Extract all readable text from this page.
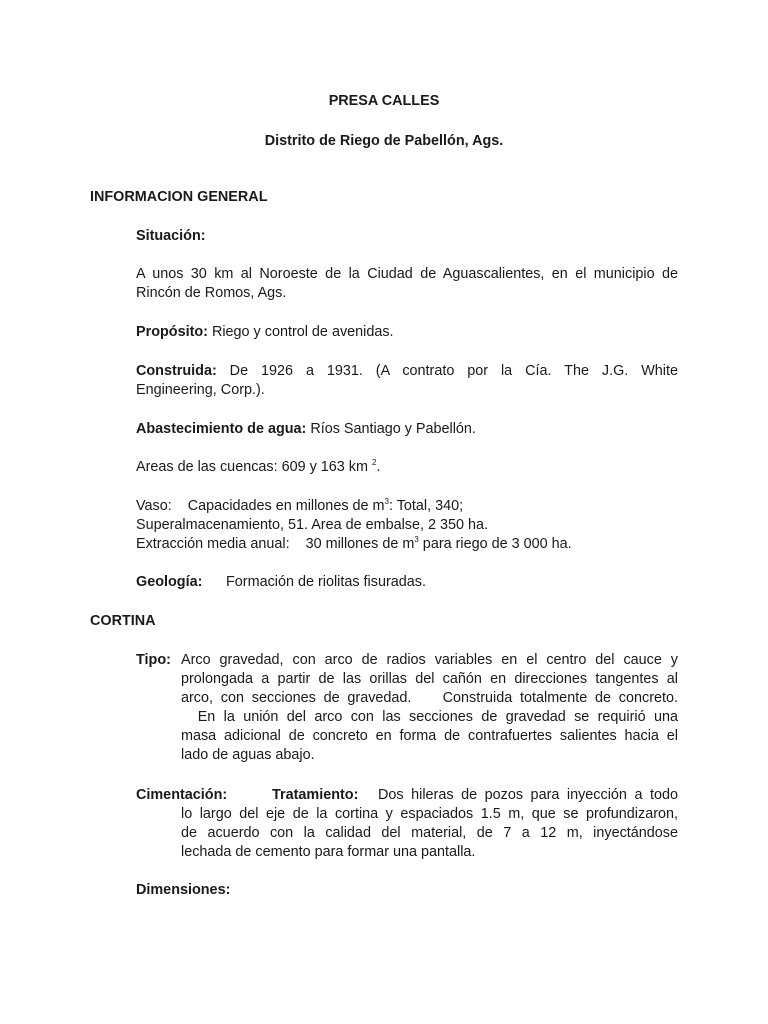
PRESA CALLES
Distrito de Riego de Pabellón, Ags.
INFORMACION GENERAL
Situación:
A unos 30 km al Noroeste de la Ciudad de Aguascalientes, en el municipio de
Rincón de Romos, Ags.
Propósito: Riego y control de avenidas.
Construida: De 1926 a 1931. (A contrato por la Cía. The J.G. White
Engineering, Corp.).
Abastecimiento de agua: Ríos Santiago y Pabellón.
Areas de las cuencas: 609 y 163 km $^2$.
Vaso:    Capacidades en millones de $m^3$: Total, 340;
Superalmacenamiento, 51. Area de embalse, 2 350 ha.
Extracción media anual:    30 millones de $m^3$ para riego de 3 000 ha.
Geología: Formación de riolitas fisuradas.
CORTINA
Tipo: Arco gravedad, con arco de radios variables en el centro del cauce y
prolongada a partir de las orillas del cañón en direcciones tangentes al
arco, con secciones de gravedad.    Construida totalmente de concreto.
En la unión del arco con las secciones de gravedad se requirió una
masa adicional de concreto en forma de contrafuertes salientes hacia el
lado de aguas abajo.
Cimentación:	Tratamiento: Dos hileras de pozos para inyección a todo
lo largo del eje de la cortina y espaciados 1.5 m, que se profundizaron,
de acuerdo con la calidad del material, de 7 a 12 m, inyectándose
lechada de cemento para formar una pantalla.
Dimensiones:
